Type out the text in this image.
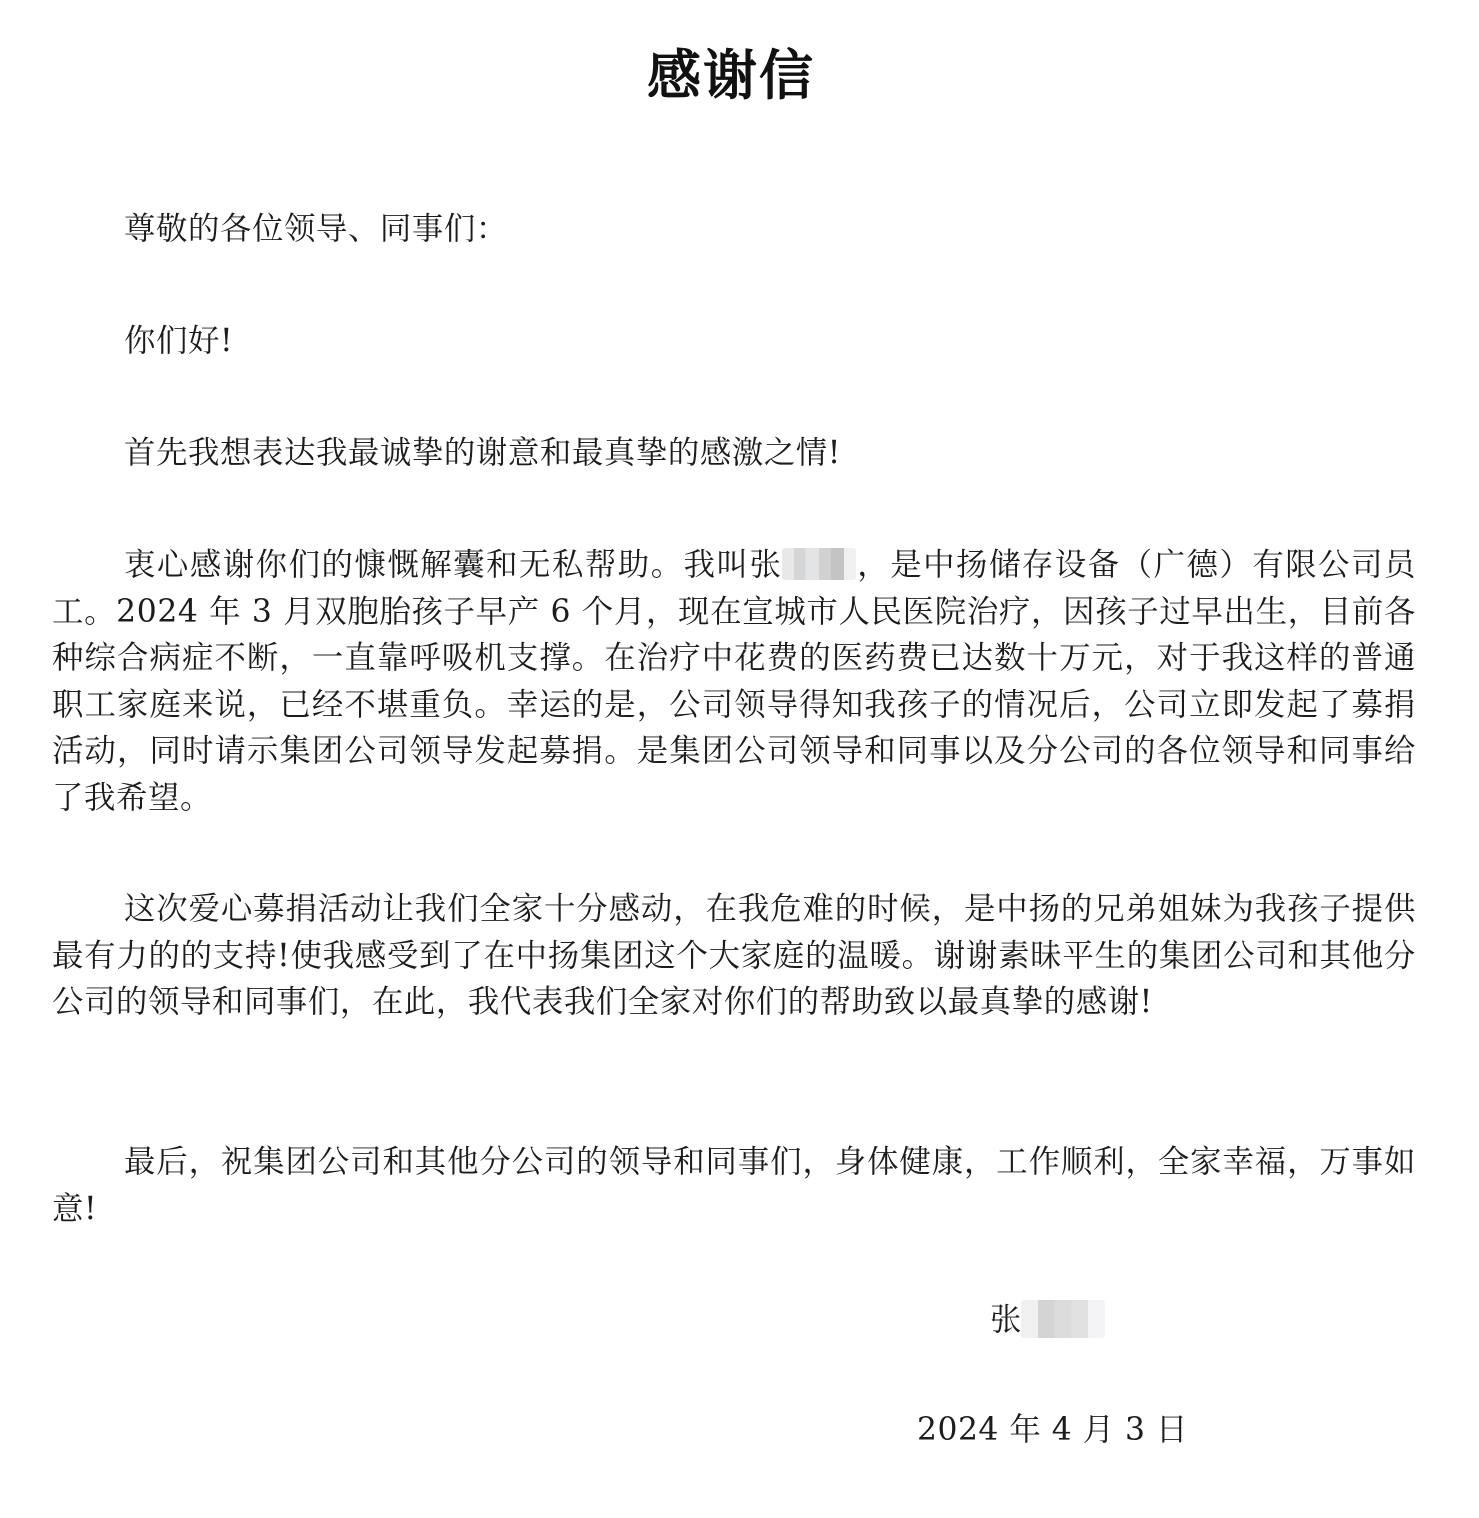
感谢信
尊敬的各位领导、同事们：
你们好!
首先我想表达我最诚挚的谢意和最真挚的感激之情!
衷心感谢你们的慷慨解囊和无私帮助。我叫张 ，是中扬储存设备（广德）有限公司员工。2024 年 3 月双胞胎孩子早产 6 个月，现在宣城市人民医院治疗，因孩子过早出生，目前各种综合病症不断，一直靠呼吸机支撑。在治疗中花费的医药费已达数十万元，对于我这样的普通职工家庭来说，已经不堪重负。幸运的是，公司领导得知我孩子的情况后，公司立即发起了募捐活动，同时请示集团公司领导发起募捐。是集团公司领导和同事以及分公司的各位领导和同事给了我希望。
这次爱心募捐活动让我们全家十分感动，在我危难的时候，是中扬的兄弟姐妹为我孩子提供最有力的的支持!使我感受到了在中扬集团这个大家庭的温暖。谢谢素昧平生的集团公司和其他分公司的领导和同事们，在此，我代表我们全家对你们的帮助致以最真挚的感谢!
最后，祝集团公司和其他分公司的领导和同事们，身体健康，工作顺利，全家幸福，万事如意!
张
2024 年 4 月 3 日
